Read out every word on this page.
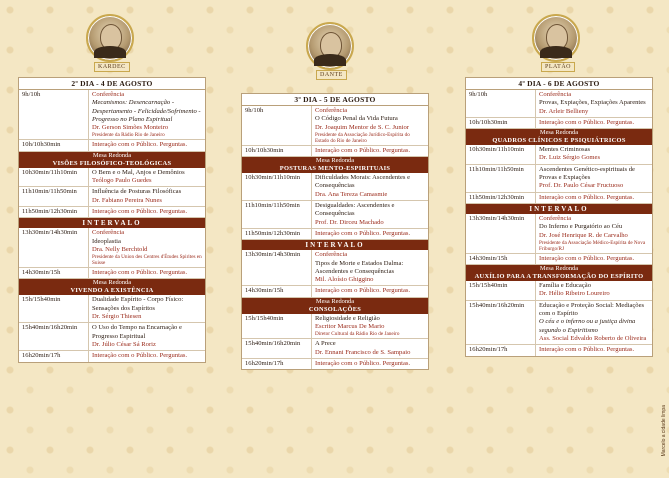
KARDEC
DANTE
PLATÃO
2º DIA - 4 DE AGOSTO
9h/10h	Conferência
Mecanismos: Desencarnação - Despertamento - Felicidade/Sofrimento - Progresso no Plano Espiritual
Dr. Gerson Simões Monteiro
Presidente da Rádio Rio de Janeiro
10h/10h30min	Interação com o Público. Perguntas.
Mesa Redonda
VISÕES FILOSÓFICO-TEOLÓGICAS
10h30min/11h10min	O Bem e o Mal, Anjos e Demônios
Teólogo Paulo Guedes
11h10min/11h50min	Influência de Posturas Filosóficas
Dr. Fabiano Pereira Nunes
11h50min/12h30min	Interação com o Público. Perguntas.
INTERVALO
13h30min/14h30min	Conferência
Ideoplastia
Dra. Nelly Berchtold
Presidente da Union des Centres d'Études Spirites en Suisse
14h30min/15h	Interação com o Público. Perguntas.
Mesa Redonda
VIVENDO A EXISTÊNCIA
15h/15h40min	Dualidade Espírito - Corpo Físico: Sensações dos Espíritos
Dr. Sérgio Thiesen
15h40min/16h20min	O Uso do Tempo na Encarnação e Progresso Espiritual
Dr. Júlio César Sá Roriz
16h20min/17h	Interação com o Público. Perguntas.
3º DIA - 5 DE AGOSTO
9h/10h	Conferência
O Código Penal da Vida Futura
Dr. Joaquim Mentor de S. C. Junior
Presidente da Associação Jurídico-Espírita do Estado do Rio de Janeiro
10h/10h30min	Interação com o Público. Perguntas.
Mesa Redonda
POSTURAS MENTO-ESPIRITUAIS
10h30min/11h10min	Dificuldades Morais: Ascendentes e Consequências
Dra. Ana Tereza Camasmie
11h10min/11h50min	Desigualdades: Ascendentes e Consequências
Prof. Dr. Dirceu Machado
11h50min/12h30min	Interação com o Público. Perguntas.
INTERVALO
13h30min/14h30min	Conferência
Tipos de Morte e Estados Dalma: Ascendentes e Consequências
Mil. Aloísio Ghiggino
14h30min/15h	Interação com o Público. Perguntas.
Mesa Redonda
CONSOLAÇÕES
15h/15h40min	Religiosidade e Religião
Escritor Marcus De Mario
Diretor Cultural da Rádio Rio de Janeiro
15h40min/16h20min	A Prece
Dr. Ennani Francisco de S. Sampaio
16h20min/17h	Interação com o Público. Perguntas.
4º DIA - 6 DE AGOSTO
9h/10h	Conferência
Provas, Expiações, Expiações Aparentes
Dr. Arleir Bellieny
10h/10h30min	Interação com o Público. Perguntas.
Mesa Redonda
QUADROS CLÍNICOS E PSIQUIÁTRICOS
10h30min/11h10min	Mentes Criminosas
Dr. Luiz Sérgio Gomes
11h10min/11h50min	Ascendentes Genético-espirituais de Provas e Expiações
Prof. Dr. Paulo César Fructuoso
11h50min/12h30min	Interação com o Público. Perguntas.
INTERVALO
13h30min/14h30min	Conferência
Do Inferno e Purgatório ao Céu
Dr. José Henrique R. de Carvalho
Presidente da Associação Médico-Espírita de Nova Friburgo/RJ
14h30min/15h	Interação com o Público. Perguntas.
Mesa Redonda
AUXÍLIO PARA A TRANSFORMAÇÃO DO ESPÍRITO
15h/15h40min	Família e Educação
Dr. Hélio Ribeiro Loureiro
15h40min/16h20min	Educação e Proteção Social: Mediações com o Espírito
O céu e o inferno ou a justiça divina segundo o Espiritismo
Ass. Social Edvaldo Roberto de Oliveira
16h20min/17h	Interação com o Público. Perguntas.
Marcelo a cidade limpa
